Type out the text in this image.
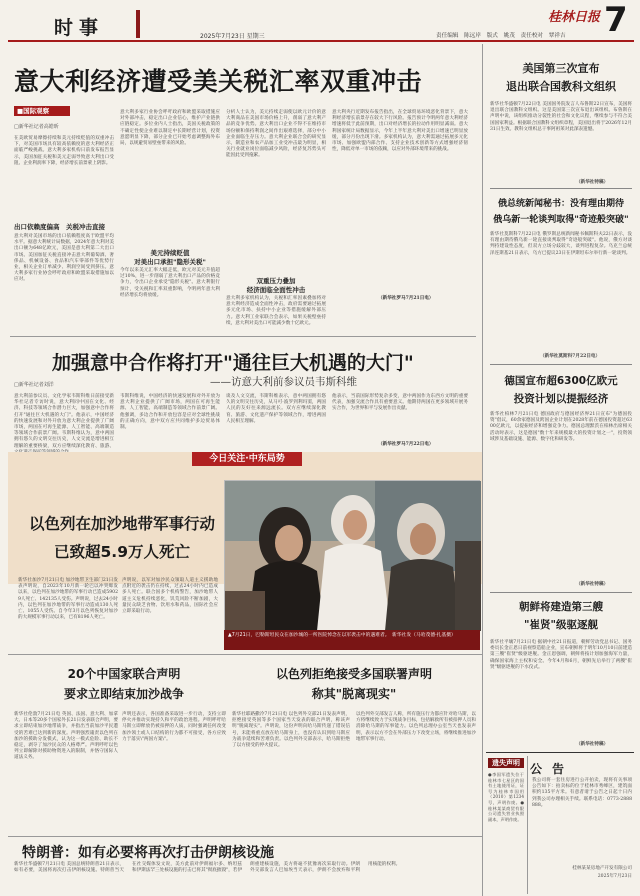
时事	2025年7月23日 星期三	责任编辑 陈远岸 版式 姚茂 责任校对 覃祥吉
桂林日报 7
意大利经济遭受美关税汇率双重冲击
■国际观察
□新华社记者高皓昕
在美欧贸易摩擦持续和美元持续贬值的双重冲击下，对美国市场具有较高依赖度的意大利经济正面临严峻挑战。意大利多家机构日前发布报告显示，美国加征关税和美元走弱导致意大利出口受阻、企业利润率下降，经济增长前景蒙上阴影。
出口依赖度偏高　关税冲击直接
意大利对美国市场的出口依赖程度高于欧盟平均水平。据意大利统计局数据，2024年意大利对美出口额为648亿欧元，美国是意大利第二大出口市场。美国加征关税直接冲击意大利葡萄酒、奢侈品、机械设备、食品和汽车零部件等优势行业，相关企业订单减少、利润空间受到挤压。意大利多家行业协会呼吁政府和欧盟采取措施加以应对。
意大利多家行业协会呼吁政府和欧盟采取措施应对外部冲击，稳定出口企业信心，维护产业链供应链稳定。多位业内人士指出，美国关税政策的不确定性使企业难以制定中长期经营计划，投资意愿明显下降，部分企业已开始考虑调整海外布局，以规避贸易壁垒带来的风险。
美元持续贬值
对美出口承担"隐形关税"
今年以来美元汇率大幅走低，欧元对美元升值超过10%，进一步削弱了意大利出口产品的价格竞争力，令出口企业承受"隐形关税"。意大利银行预计，受关税和汇率双重影响，今明两年意大利经济增长均将放缓。
分析人士认为，美元持续走弱使以欧元计价的意大利商品在美国市场价格上升，削弱了意大利产品的竞争优势。意大利出口企业不得不在维持市场份额和保持利润之间作出艰难选择，部分中小企业面临生存压力。意大利企业联合会的研究显示，制造业和农产品加工业受冲击最为明显，相关行业就业岗位面临减少风险，经济复苏势头可能因此受到拖累。
双重压力叠加
经济面临全面性冲击
意大利多家机构认为，关税和汇率因素叠加将对意大利经济造成全面性冲击，政府需要通过拓展多元化市场、扶持中小企业等措施缓解外部压力。意大利工业家联合会表示，如果关税壁垒持续，意大利对美出口可能减少数十亿欧元。
意大利央行近期发布报告指出，在全球贸易环境恶化背景下，意大利经济增长前景存在较大下行风险。报告预计今明两年意大利经济增速将低于此前预期，出口对经济增长的拉动作用明显减弱。意大利国家统计局数据显示，今年上半年意大利对美出口增速已明显放缓，部分月份出现下滑。多家机构认为，意大利需通过拓展多元化市场、加强欧盟内部合作、支持企业技术创新等方式增强经济韧性，降低对单一市场的依赖，以应对外部环境带来的挑战。
（新华社罗马7月21日电）
加强意中合作将打开"通往巨大机遇的大门"
——访意大利前参议员韦斯科维
□新华社记者刘洋
意大利前参议员、文化学家韦斯科维日前接受新华社记者专访时说，意大利同中国在文化、经济、科技等领域合作潜力巨大，加强意中合作将打开"通往巨大机遇的大门"。他表示，中国经济的快速发展和对外开放为意大利企业提供了广阔市场，两国在可再生能源、人工智能、高端制造等领域合作前景广阔。韦斯科维认为，意中两国拥有悠久的文明交往历史，人文交流是增进相互理解的重要桥梁，双方应继续深化教育、旅游、
韦斯科维说，中国经济的快速发展和对外开放为意大利企业提供了广阔市场，两国在可再生能源、人工智能、高端制造等领域合作前景广阔。他强调，多边合作和开放包容是应对全球性挑战的正确方向，意中双方应共同维护多边贸易体制。
谈及人文交流，韦斯科维表示，意中两国拥有悠久的文明交往历史，从马可·波罗到利玛窦，两国人民的友好往来源远流长。双方应继续深化教育、旅游、文化遗产保护等领域合作，增进两国人民相互理解。
他表示，当前国际形势复杂多变，意中两国作为东西方文明的重要代表，加强交流合作具有重要意义。他期待两国在更多领域开展务实合作，为世界和平与发展作出贡献。
（新华社罗马7月22日电）
今日关注·中东局势
以色列在加沙地带军事行动
已致超5.9万人死亡
新华社加沙7月21日电 加沙地带卫生部门21日发表声明说，自2023年10月新一轮巴以冲突爆发以来，以色列在加沙地带的军事行动已造成59029人死亡、142135人受伤。声明说，过去24小时内，以色列在加沙地带的军事行动造成130人死亡、1055人受伤。自今年3月以色列恢复对加沙的大规模军事行动以来，已有8196人死亡。
声明说，以军对加沙民众领取人道主义援助地点附近的袭击仍在持续，过去24小时内已造成多人死亡。联合国多个机构警告，加沙地带人道主义危机持续恶化，饥荒风险不断加剧，大量民众缺乏食物、饮用水和药品，国际社会应立即采取行动。
▲7月21日，巴勒斯坦民众在加沙城的一所医院悼念在以军袭击中的遇难者。　新华社发（马哈茂德·扎基摄）
20个中国家联合声明
要求立即结束加沙战争
新华社伦敦7月21日电 英国、法国、意大利、加拿大、日本等20多个国家外长21日发表联合声明，要求立即结束加沙地带战争，并指出当前加沙平民遭受的苦难已达到新的深度。声明强烈谴责以色列在加沙的援助分发模式，认为这一模式危险、助长不稳定，剥夺了加沙民众的人格尊严。声明呼吁以色列立即解除对援助物资进入的限制，并恪守国际人道法义务。
声明还表示，各国准备采取进一步行动，支持立即停火并推动实现持久和平的政治进程。声明呼吁哈马斯立即释放仍被扣押的人质，同时强调任何改变加沙领土或人口结构的行为都不可接受，各方应致力于落实\"两国方案\"。
以色列拒绝接受多国联署声明
称其"脱离现实"
新华社耶路撒冷7月21日电 以色列外交部21日发表声明，拒绝接受英国等多个国家当天发表的联合声明，称该声明"脱离现实"。声明说，这份声明向哈马斯传递了错误信号，未能将重点放在哈马斯身上，也没有认识到哈马斯应为战争延续和苦难负责。以色列外交部表示，哈马斯拒绝了以方接受的停火提议。
以色列外交部发言人称，所有施压行为都应针对哈马斯，以方将继续致力于实现战争目标，包括解救所有被扣押人员和消除哈马斯的军事能力。以色列总理办公室当天也发表声明，表示以方不会在外部压力下改变立场，将继续推进加沙地带军事行动。
特朗普：如有必要将再次打击伊朗核设施
新华社华盛顿7月21日电 美国总统特朗普21日表示，如有必要，美国将再次打击伊朗核设施。特朗普当天在社交媒体发文说，美方此前对伊朗福尔多、纳坦兹和伊斯法罕三处核设施的打击已将其"彻底摧毁"，若伊朗重建核设施，美方将毫不犹豫再次采取行动。伊朗外交部发言人巴加埃当天表示，伊朗不会放弃和平利用核能的权利。
美国第三次宣布
退出联合国教科文组织
新华社华盛顿7月22日电 美国国务院发言人布鲁斯22日宣布，美国将退出联合国教科文组织。这是美国第三次宣布退出该组织。布鲁斯在声明中说，该组织推动分裂性的社会和文化议程，继续参与不符合美国国家利益。根据联合国教科文组织章程，美国退出将于2026年12月31日生效。教科文组织总干事阿祖莱对此深表遗憾。
（新华社特稿）
俄总统新闻秘书：没有理由期待
俄乌新一轮谈判取得"奇迹般突破"
新华社莫斯科7月22日电 俄罗斯总统新闻秘书佩斯科夫22日表示，没有理由期待俄乌新一轮直接谈判取得"奇迹般突破"。他说，俄方对谈判持建设性态度，但双方立场分歧较大，谈判进程复杂。乌克兰总统泽连斯基21日表示，乌方已提议23日在伊斯坦布尔举行新一轮谈判。
（新华社莫斯科7月22日电）
德国宣布超6300亿欧元
投资计划以提振经济
新华社柏林7月21日电 德国政府与德国经济界21日宣布"为德国投资"倡议，60余家德国及跨国企业计划在2028年前在德国投资超过6300亿欧元，以提振经济和增强竞争力。德国总理默茨在柏林出席相关活动时表示，这是德国"数十年来规模最大的投资计划之一"，投资领域涉及基础设施、能源、数字化和研发等。
（新华社特稿）
朝鲜将建造第三艘
"崔贤"级驱逐舰
新华社平壤7月21日电 据朝中社21日报道，朝鲜劳动党总书记、国务委员长金正恩日前视察造船企业，宣布朝鲜将于明年10月10日前建造第三艘"崔贤"级驱逐舰。金正恩强调，朝鲜将按计划加强海军力量，确保国家海上主权和安全。今年4月和6月，朝鲜先后举行了两艘"崔贤"级驱逐舰的下水仪式。
（新华社特稿）
遗失声明
●李国军遗失位于桂林市七星区的国有土地使用证，证号为桂林市国用（2010）第1234号，声明作废。●桂林某某商贸有限公司遗失营业执照副本，声明作废。
公告
我公司将一套住房进行公开拍卖，现将有关事项公告如下：拍卖标的位于桂林市秀峰区，建筑面积约135平方米。有意者请于公告之日起十日内到我公司办理相关手续。联系电话：0773-2888888。
桂林某某房地产开发有限公司
2025年7月23日
